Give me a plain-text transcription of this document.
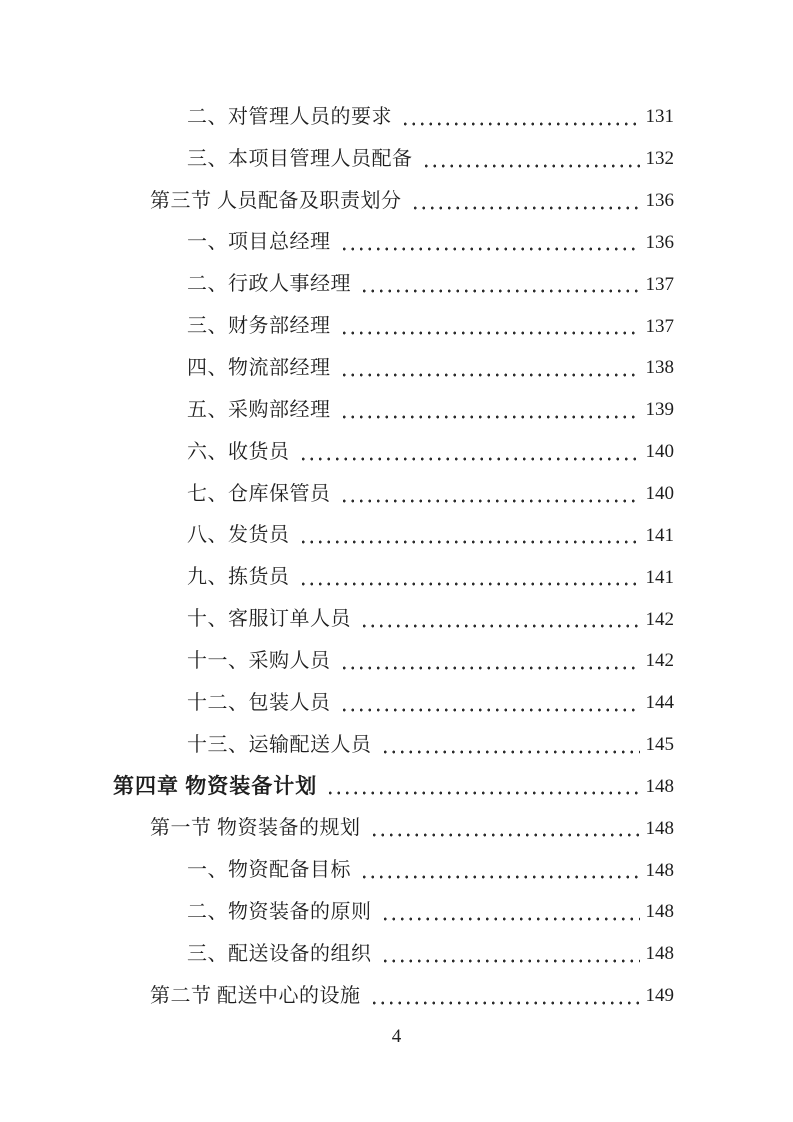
二、对管理人员的要求	131
三、本项目管理人员配备	132
第三节 人员配备及职责划分	136
一、项目总经理	136
二、行政人事经理	137
三、财务部经理	137
四、物流部经理	138
五、采购部经理	139
六、收货员	140
七、仓库保管员	140
八、发货员	141
九、拣货员	141
十、客服订单人员	142
十一、采购人员	142
十二、包装人员	144
十三、运输配送人员	145
第四章 物资装备计划	148
第一节 物资装备的规划	148
一、物资配备目标	148
二、物资装备的原则	148
三、配送设备的组织	148
第二节 配送中心的设施	149
4
